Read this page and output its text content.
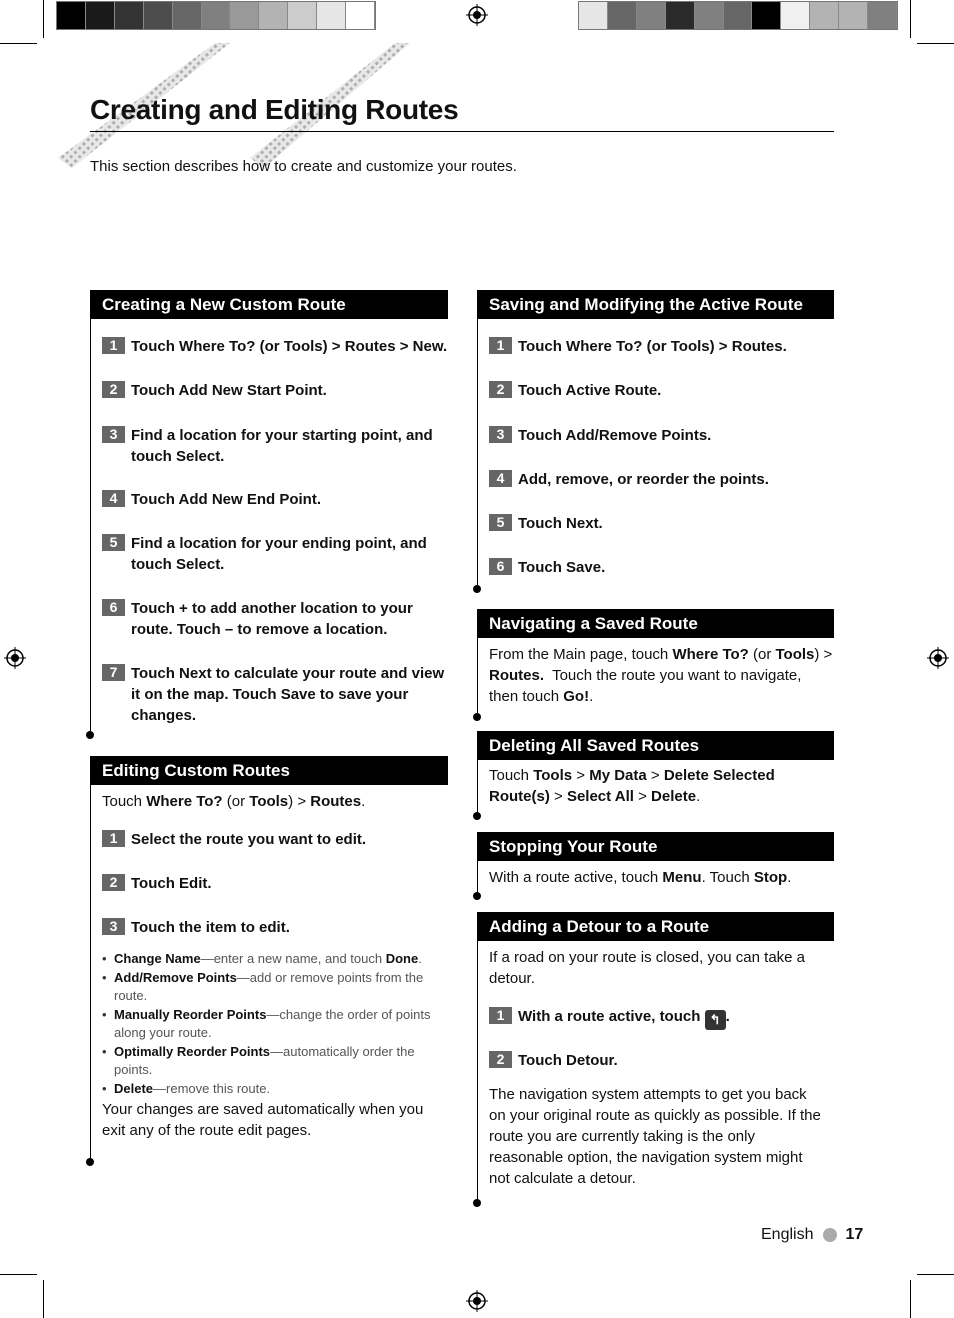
Creating and Editing Routes

This section describes how to create and customize your routes.

Creating a New Custom Route
1 Touch Where To? (or Tools) > Routes > New.
2 Touch Add New Start Point.
3 Find a location for your starting point, and touch Select.
4 Touch Add New End Point.
5 Find a location for your ending point, and touch Select.
6 Touch + to add another location to your route. Touch – to remove a location.
7 Touch Next to calculate your route and view it on the map. Touch Save to save your changes.
Editing Custom Routes

Touch Where To? (or Tools) > Routes.

1 Select the route you want to edit.
2 Touch Edit.
3 Touch the item to edit.
• Change Name—enter a new name, and touch Done.
• Add/Remove Points—add or remove points from the route.
• Manually Reorder Points—change the order of points along your route.
• Optimally Reorder Points—automatically order the points.
• Delete—remove this route.

Your changes are saved automatically when you exit any of the route edit pages.

Saving and Modifying the Active Route
1 Touch Where To? (or Tools) > Routes.
2 Touch Active Route.
3 Touch Add/Remove Points.
4 Add, remove, or reorder the points.
5 Touch Next.
6 Touch Save.
Navigating a Saved Route

From the Main page, touch Where To? (or Tools) > Routes.  Touch the route you want to navigate, then touch Go!.

Deleting All Saved Routes

Touch Tools > My Data > Delete Selected Route(s) > Select All > Delete.

Stopping Your Route

With a route active, touch Menu. Touch Stop.

Adding a Detour to a Route

If a road on your route is closed, you can take a detour.

1 With a route active, touch ↰ .
2 Touch Detour.

The navigation system attempts to get you back on your original route as quickly as possible. If the route you are currently taking is the only reasonable option, the navigation system might not calculate a detour.

English 17
